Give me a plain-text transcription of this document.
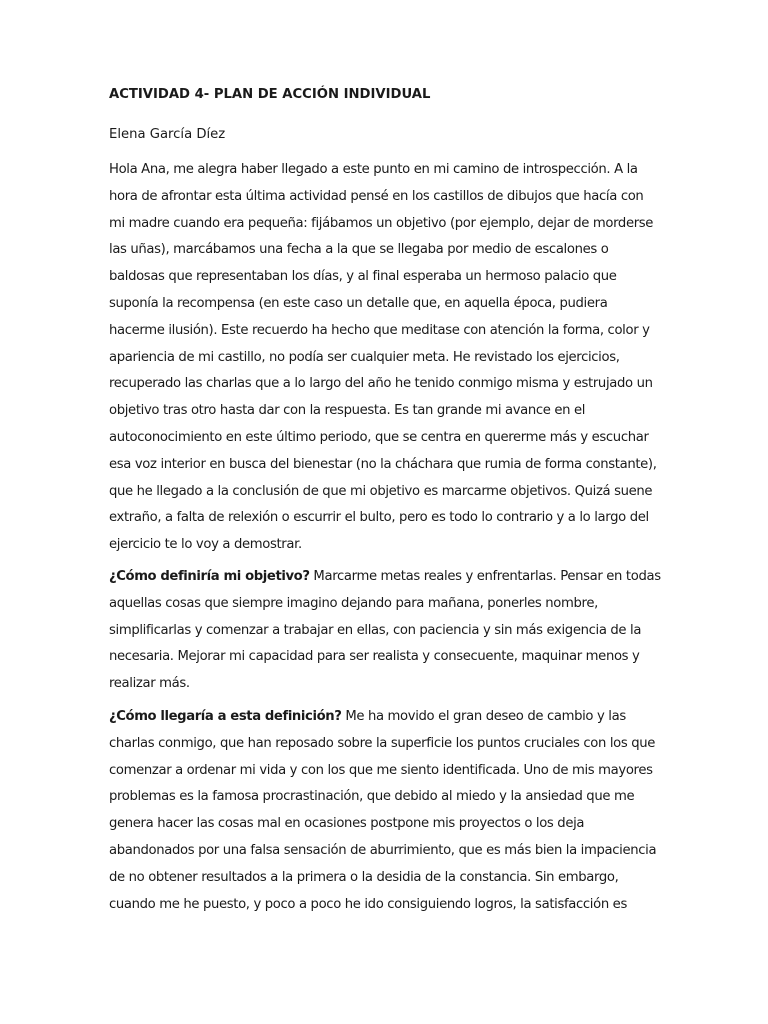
ACTIVIDAD 4- PLAN DE ACCIÓN INDIVIDUAL
Elena García Díez

Hola Ana, me alegra haber llegado a este punto en mi camino de introspección. A la hora de afrontar esta última actividad pensé en los castillos de dibujos que hacía con mi madre cuando era pequeña: fijábamos un objetivo (por ejemplo, dejar de morderse las uñas), marcábamos una fecha a la que se llegaba por medio de escalones o baldosas que representaban los días, y al final esperaba un hermoso palacio que suponía la recompensa (en este caso un detalle que, en aquella época, pudiera hacerme ilusión). Este recuerdo ha hecho que meditase con atención la forma, color y apariencia de mi castillo, no podía ser cualquier meta. He revistado los ejercicios, recuperado las charlas que a lo largo del año he tenido conmigo misma y estrujado un objetivo tras otro hasta dar con la respuesta. Es tan grande mi avance en el autoconocimiento en este último periodo, que se centra en quererme más y escuchar esa voz interior en busca del bienestar (no la cháchara que rumia de forma constante), que he llegado a la conclusión de que mi objetivo es marcarme objetivos. Quizá suene extraño, a falta de relexión o escurrir el bulto, pero es todo lo contrario y a lo largo del ejercicio te lo voy a demostrar.

¿Cómo definiría mi objetivo? Marcarme metas reales y enfrentarlas. Pensar en todas aquellas cosas que siempre imagino dejando para mañana, ponerles nombre, simplificarlas y comenzar a trabajar en ellas, con paciencia y sin más exigencia de la necesaria. Mejorar mi capacidad para ser realista y consecuente, maquinar menos y realizar más.

¿Cómo llegaría a esta definición? Me ha movido el gran deseo de cambio y las charlas conmigo, que han reposado sobre la superficie los puntos cruciales con los que comenzar a ordenar mi vida y con los que me siento identificada. Uno de mis mayores problemas es la famosa procrastinación, que debido al miedo y la ansiedad que me genera hacer las cosas mal en ocasiones postpone mis proyectos o los deja abandonados por una falsa sensación de aburrimiento, que es más bien la impaciencia de no obtener resultados a la primera o la desidia de la constancia. Sin embargo, cuando me he puesto, y poco a poco he ido consiguiendo logros, la satisfacción es
